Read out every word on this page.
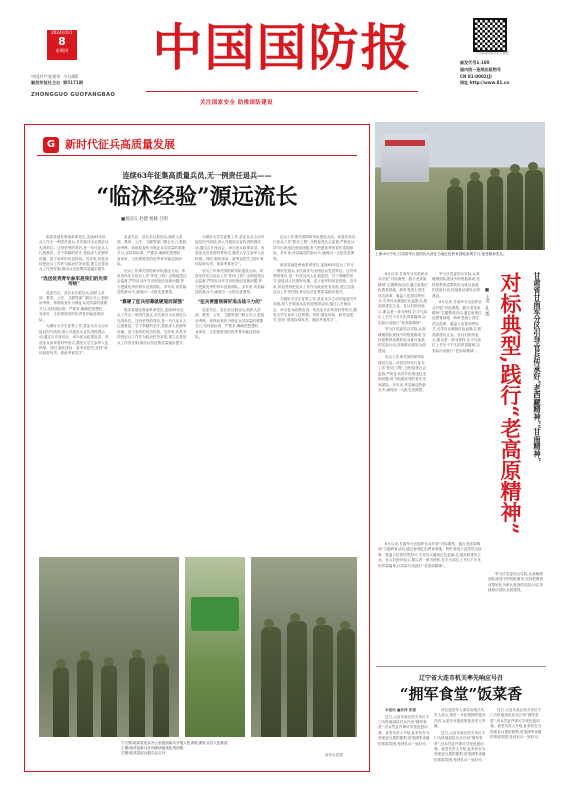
2024年6月
8
星期四
中国共产党领导 今日4版
解放军报社主办 第5171期
ZHONGGUO GUOFANGBAO
中国国防报
关注国家安全 助推国防建设
中国国防报社官方微信
邮发代号1-180
国内统一连续出版物号
CN 81-0002(J)
网址 http://www.81.cn
G 新时代征兵高质量发展
连续63年征集高质量兵员,无一例责任退兵——
“临沭经验”源远流长
■刘国义 赵健 杨晓 吕明

临沭县地处鲁南革命老区,连续63年征兵工作无一例责任退兵,多次被评为全国征兵先进单位。这份荣誉的背后,是一代代征兵人扎根基层、甘于奉献的坚守,是临沭人民拥军优属、送子参军的优良传统。近年来,该县坚持把征兵工作作为政治任务来抓,建立完善征兵工作责任制,推动兵员征集质量稳步提升。

“选送优秀青年参军是我们的光荣传统”

县委书记、县长亲自抓征兵,组织人武部、教育、公安、卫健等部门联合办公,把政治考核、体格检查作为保证兵员质量的重要关口,坚持高标准、严要求,确保把思想好、身体好、文化程度高的优秀青年输送到部队。

为做好大学生征集工作,县征兵办主动对接县内外高校,深入开展征兵宣传进校园活动,通过召开座谈会、举办征兵政策宣讲、发放征兵宣传资料等形式,激发大学生参军入伍热情。同时,强化体检、政考双把关,坚持“谁体检谁负责、谁政考谁签字”。

县委书记、县长亲自抓征兵,组织人武部、教育、公安、卫健等部门联合办公,把政治考核、体格检查作为保证兵员质量的重要关口,坚持高标准、严要求,确保把思想好、身体好、文化程度高的优秀青年输送到部队。

征兵工作事关国防和军队建设大局。该县坚持实行征兵工作“阳光工程”,全程接受社会监督,严防征兵环节出现违纪违规问题,努力把最优秀的青年送到部队。多年来,该县输送的新兵中,涌现出一大批先进典型。

“靠硬了征兵招募就硬道而谋强”

临沭县地处鲁南革命老区,连续63年征兵工作无一例责任退兵,多次被评为全国征兵先进单位。这份荣誉的背后,是一代代征兵人扎根基层、甘于奉献的坚守,是临沭人民拥军优属、送子参军的优良传统。近年来,该县坚持把征兵工作作为政治任务来抓,建立完善征兵工作责任制,推动兵员征集质量稳步提升。

为做好大学生征集工作,县征兵办主动对接县内外高校,深入开展征兵宣传进校园活动,通过召开座谈会、举办征兵政策宣讲、发放征兵宣传资料等形式,激发大学生参军入伍热情。同时,强化体检、政考双把关,坚持“谁体检谁负责、谁政考谁签字”。

征兵工作事关国防和军队建设大局。该县坚持实行征兵工作“阳光工程”,全程接受社会监督,严防征兵环节出现违纪违规问题,努力把最优秀的青年送到部队。多年来,该县输送的新兵中,涌现出一大批先进典型。

“征兵要重视骑好追击战斗力的”

县委书记、县长亲自抓征兵,组织人武部、教育、公安、卫健等部门联合办公,把政治考核、体格检查作为保证兵员质量的重要关口,坚持高标准、严要求,确保把思想好、身体好、文化程度高的优秀青年输送到部队。

征兵工作事关国防和军队建设大局。该县坚持实行征兵工作“阳光工程”,全程接受社会监督,严防征兵环节出现违纪违规问题,努力把最优秀的青年送到部队。多年来,该县输送的新兵中,涌现出一大批先进典型。

临沭县地处鲁南革命老区,连续63年征兵工作无一例责任退兵,多次被评为全国征兵先进单位。这份荣誉的背后,是一代代征兵人扎根基层、甘于奉献的坚守,是临沭人民拥军优属、送子参军的优良传统。近年来,该县坚持把征兵工作作为政治任务来抓,建立完善征兵工作责任制,推动兵员征集质量稳步提升。

为做好大学生征集工作,县征兵办主动对接县内外高校,深入开展征兵宣传进校园活动,通过召开座谈会、举办征兵政策宣讲、发放征兵宣传资料等形式,激发大学生参军入伍热情。同时,强化体检、政考双把关,坚持“谁体检谁负责、谁政考谁签字”。

下方图:临沭县征兵办公室组织新兵开展入伍训练,做好兵员入伍准备
上图:临沭县新兵在训练场接受队列训练
左图:临沭县征兵报告会召开	新华社供图
上图:6月中旬,甘肃省军区某团官兵前往当地红色教育基地参观学习,接受精神洗礼。
甘肃省甘南军分区引导官兵传承好“老西藏精神”“甘南精神”
对标典型,践行“老高原精神”
■ 王昊  孔 凯

6月以来,甘南军分区组织官兵开展“对标典型、践行老高原精神”主题教育活动,通过参观红色教育基地、聆听老战士讲述戍边故事、重温入伍誓词等形式,引导官兵赓续红色血脉,扎根高原建功立业。官兵们纷纷表示,要以老一辈为榜样,在平凡岗位上书写不平凡的青春篇章,以实际行动践行“老高原精神”。

军分区党委结合实际,认真梳理部队建设中的短板弱项,坚持把教育成果转化为练兵备战的实际行动,持续推动部队全面建设。

征兵工作事关国防和军队建设大局。该县坚持实行征兵工作“阳光工程”,全程接受社会监督,严防征兵环节出现违纪违规问题,努力把最优秀的青年送到部队。多年来,该县输送的新兵中,涌现出一大批先进典型。

军分区党委结合实际,认真梳理部队建设中的短板弱项,坚持把教育成果转化为练兵备战的实际行动,持续推动部队全面建设。

6月以来,甘南军分区组织官兵开展“对标典型、践行老高原精神”主题教育活动,通过参观红色教育基地、聆听老战士讲述戍边故事、重温入伍誓词等形式,引导官兵赓续红色血脉,扎根高原建功立业。官兵们纷纷表示,要以老一辈为榜样,在平凡岗位上书写不平凡的青春篇章,以实际行动践行“老高原精神”。

6月以来,甘南军分区组织官兵开展“对标典型、践行老高原精神”主题教育活动,通过参观红色教育基地、聆听老战士讲述戍边故事、重温入伍誓词等形式,引导官兵赓续红色血脉,扎根高原建功立业。官兵们纷纷表示,要以老一辈为榜样,在平凡岗位上书写不平凡的青春篇章,以实际行动践行“老高原精神”。

军分区党委结合实际,认真梳理部队建设中的短板弱项,坚持把教育成果转化为练兵备战的实际行动,持续推动部队全面建设。

辽宁省大连市机关率先响应号召
“拥军食堂”饭菜香

本报讯 ■孙涛 张蓉

近日,大连市某区机关单位专门为驻地部队官兵开设“拥军食堂”,官兵凭证件即可享受优惠用餐。食堂负责人介绍,此举旨在为驻地官兵提供便利,营造拥军优属的浓厚氛围,受到官兵一致好评。

该区退役军人事务局相关负责人表示,将进一步拓展拥军服务内容,让更多优惠政策惠及军人军属。

近日,大连市某区机关单位专门为驻地部队官兵开设“拥军食堂”,官兵凭证件即可享受优惠用餐。食堂负责人介绍,此举旨在为驻地官兵提供便利,营造拥军优属的浓厚氛围,受到官兵一致好评。

近日,大连市某区机关单位专门为驻地部队官兵开设“拥军食堂”,官兵凭证件即可享受优惠用餐。食堂负责人介绍,此举旨在为驻地官兵提供便利,营造拥军优属的浓厚氛围,受到官兵一致好评。
